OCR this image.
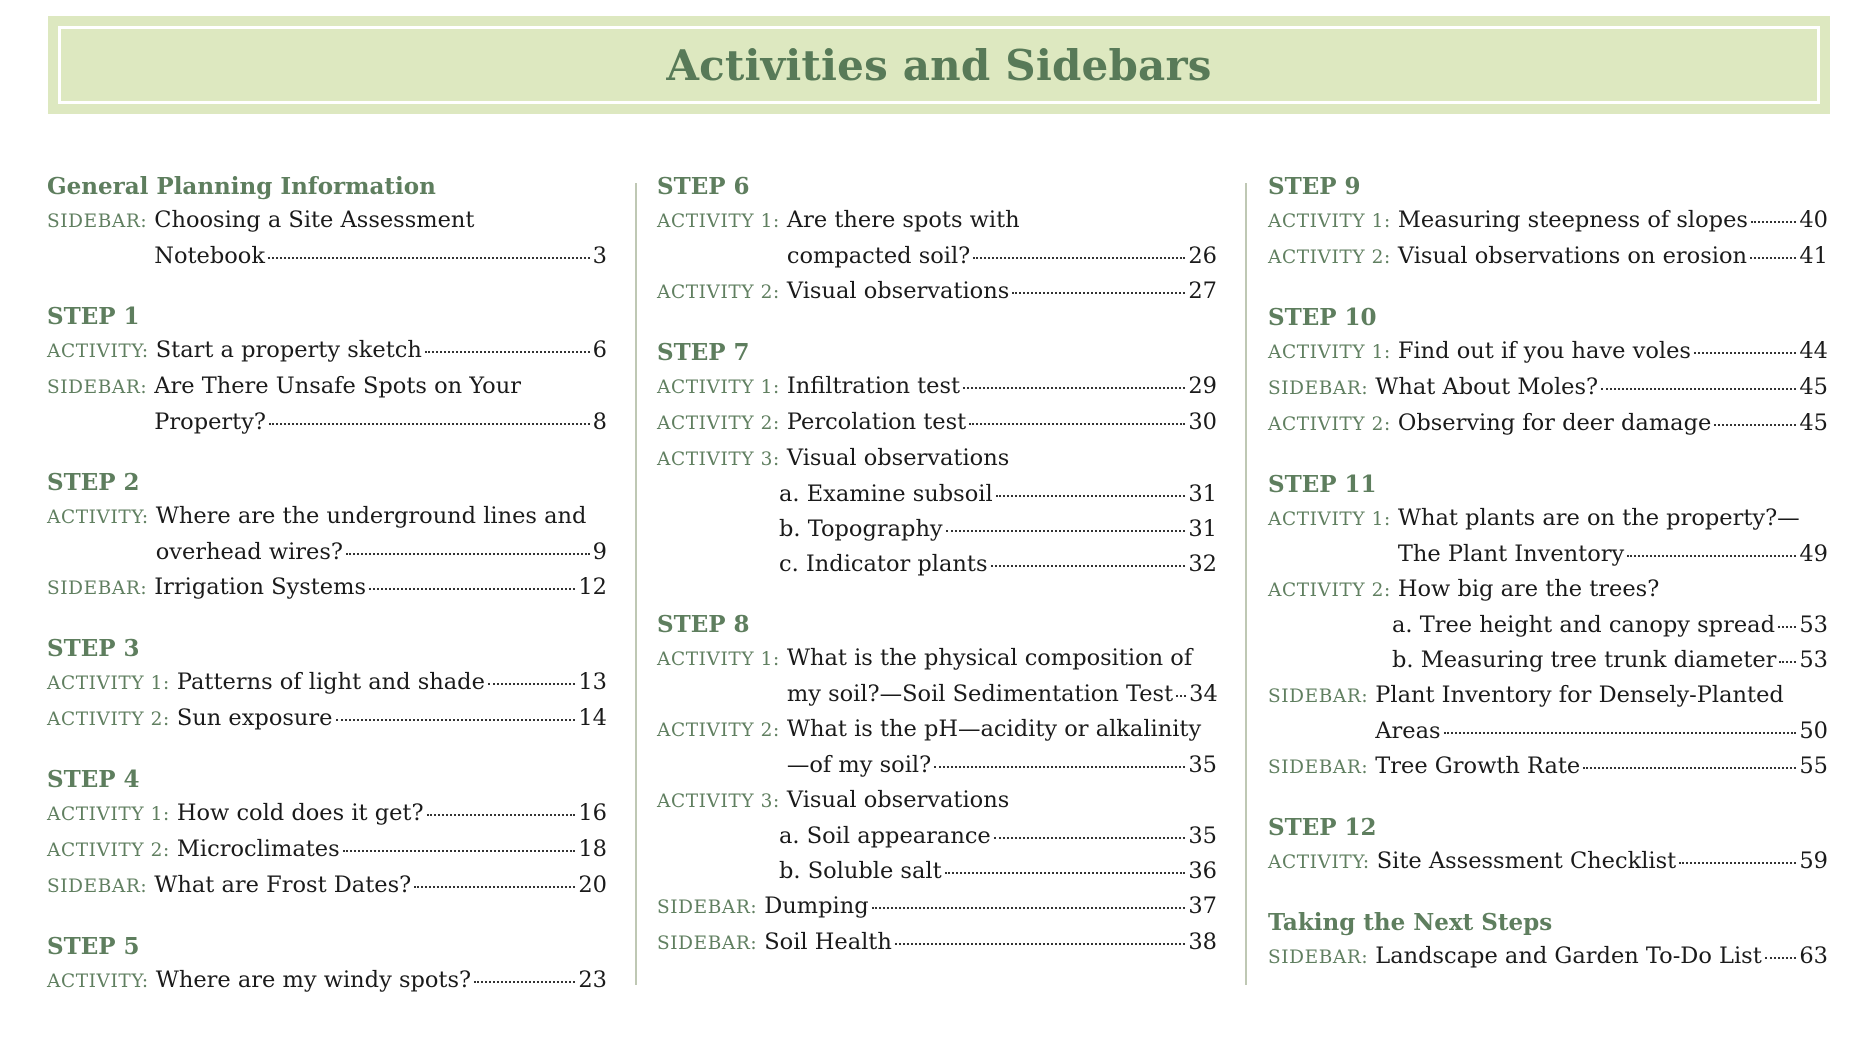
Activities and Sidebars
General Planning Information
SIDEBAR: Choosing a Site Assessment
Notebook	3
STEP 1
ACTIVITY: Start a property sketch	6
SIDEBAR: Are There Unsafe Spots on Your
Property?	8
STEP 2
ACTIVITY: Where are the underground lines and
overhead wires?	9
SIDEBAR: Irrigation Systems	12
STEP 3
ACTIVITY 1: Patterns of light and shade	13
ACTIVITY 2: Sun exposure	14
STEP 4
ACTIVITY 1: How cold does it get?	16
ACTIVITY 2: Microclimates	18
SIDEBAR: What are Frost Dates?	20
STEP 5
ACTIVITY: Where are my windy spots?	23
STEP 6
ACTIVITY 1: Are there spots with
compacted soil?	26
ACTIVITY 2: Visual observations	27
STEP 7
ACTIVITY 1: Infiltration test	29
ACTIVITY 2: Percolation test	30
ACTIVITY 3: Visual observations
a. Examine subsoil	31
b. Topography	31
c. Indicator plants	32
STEP 8
ACTIVITY 1: What is the physical composition of
my soil?—Soil Sedimentation Test 34
ACTIVITY 2: What is the pH—acidity or alkalinity
—of my soil?	35
ACTIVITY 3: Visual observations
a. Soil appearance	35
b. Soluble salt	36
SIDEBAR: Dumping	37
SIDEBAR: Soil Health	38
STEP 9
ACTIVITY 1: Measuring steepness of slopes 40
ACTIVITY 2: Visual observations on erosion 41
STEP 10
ACTIVITY 1: Find out if you have voles	44
SIDEBAR: What About Moles?	45
ACTIVITY 2: Observing for deer damage	45
STEP 11
ACTIVITY 1: What plants are on the property?—
The Plant Inventory	49
ACTIVITY 2: How big are the trees?
a. Tree height and canopy spread 53
b. Measuring tree trunk diameter 53
SIDEBAR: Plant Inventory for Densely-Planted
Areas	50
SIDEBAR: Tree Growth Rate	55
STEP 12
ACTIVITY: Site Assessment Checklist	59
Taking the Next Steps
SIDEBAR: Landscape and Garden To-Do List 63
